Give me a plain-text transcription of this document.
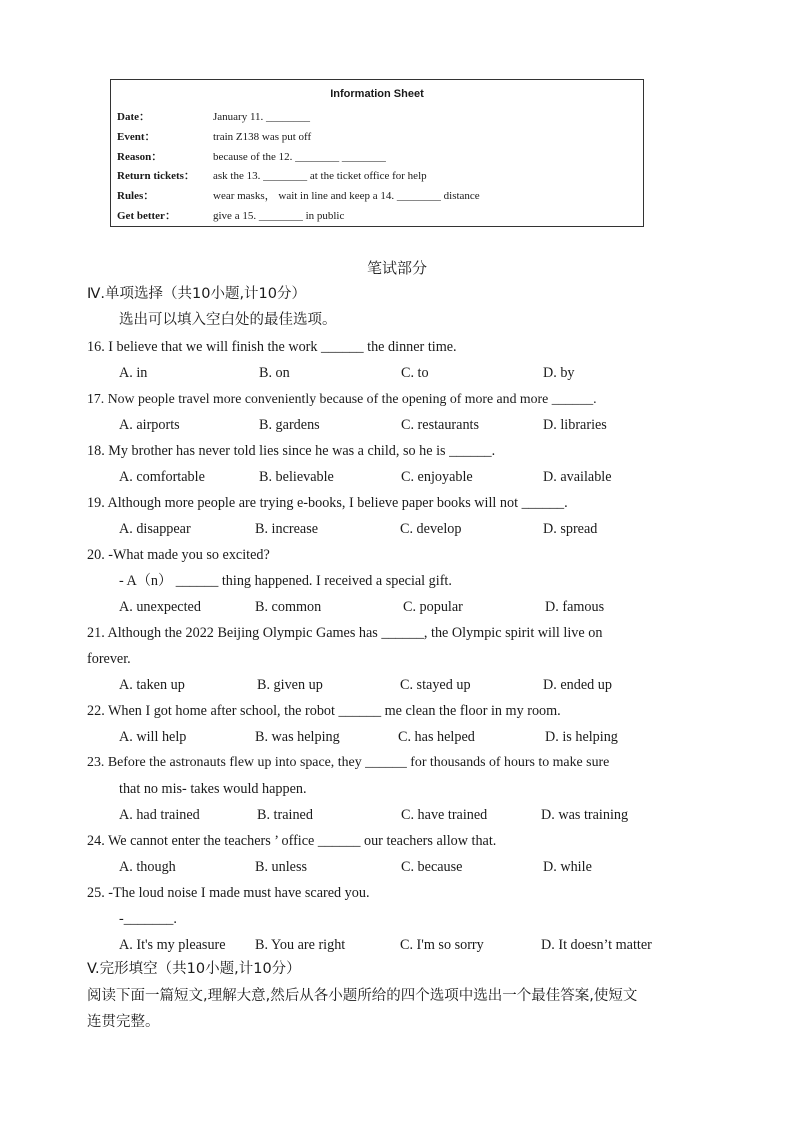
Information Sheet
Date：	January 11. ________
Event：	train Z138 was put off
Reason：	because of the 12. ________ ________
Return tickets： ask the 13. ________ at the ticket office for help
Rules：	wear masks， wait in line and keep a 14. ________ distance
Get better：	give a 15. ________ in public
笔试部分
Ⅳ.单项选择（共10小题,计10分）
选出可以填入空白处的最佳选项。
16. I believe that we will finish the work ______ the dinner time.
A. in	B. on	C. to	D. by
17. Now people travel more conveniently because of the opening of more and more ______.
A. airports	B. gardens	C. restaurants	D. libraries
18. My brother has never told lies since he was a child, so he is ______.
A. comfortable	B. believable	C. enjoyable	D. available
19. Although more people are trying e-books, I believe paper books will not ______.
A. disappear	B. increase	C. develop	D. spread
20. -What made you so excited?
- A（n） ______ thing happened. I received a special gift.
A. unexpected	B. common	C. popular	D. famous
21. Although the 2022 Beijing Olympic Games has ______, the Olympic spirit will live on
forever.
A. taken up	B. given up	C. stayed up	D. ended up
22. When I got home after school, the robot ______ me clean the floor in my room.
A. will help	B. was helping	C. has helped	D. is helping
23. Before the astronauts flew up into space, they ______ for thousands of hours to make sure
that no mis- takes would happen.
A. had trained	B. trained	C. have trained	D. was training
24. We cannot enter the teachers ’ office ______ our teachers allow that.
A. though	B. unless	C. because	D. while
25. -The loud noise I made must have scared you.
-_______.
A. It's my pleasure B. You are right	C. I'm so sorry	D. It doesn’t matter
V.完形填空（共10小题,计10分）
阅读下面一篇短文,理解大意,然后从各小题所给的四个选项中选出一个最佳答案,使短文
连贯完整。
